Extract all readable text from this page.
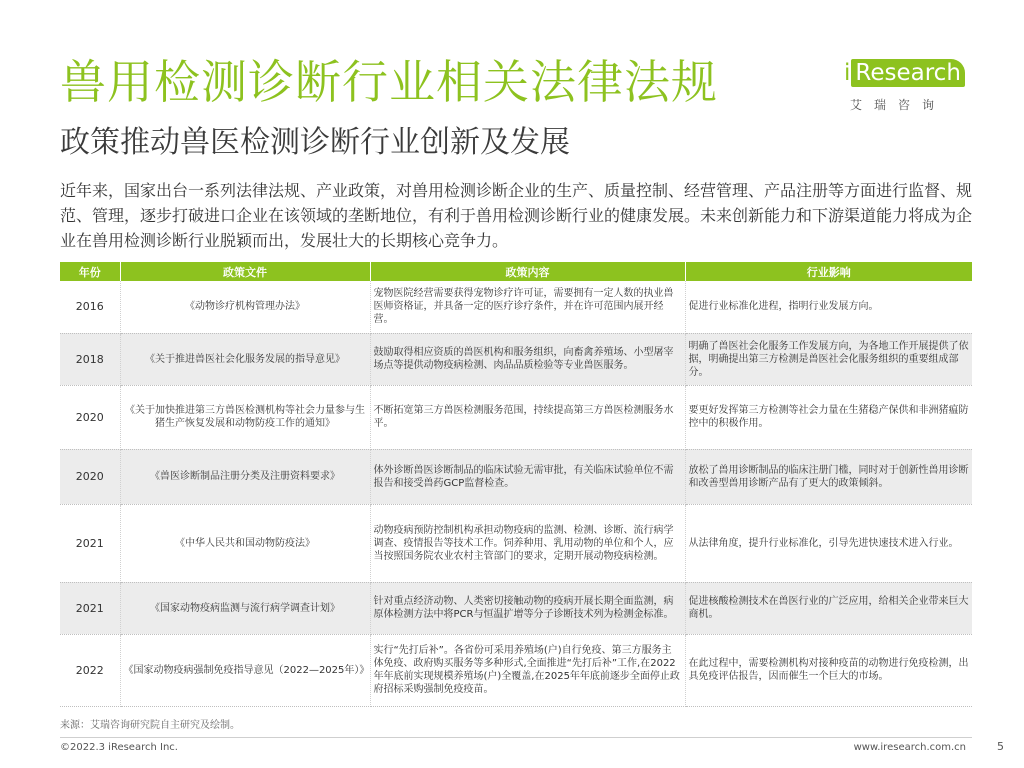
兽用检测诊断行业相关法律法规
政策推动兽医检测诊断行业创新及发展
i Research
艾瑞咨询

近年来，国家出台一系列法律法规、产业政策，对兽用检测诊断企业的生产、质量控制、经营管理、产品注册等方面进行监督、规范、管理，逐步打破进口企业在该领域的垄断地位，有利于兽用检测诊断行业的健康发展。未来创新能力和下游渠道能力将成为企业在兽用检测诊断行业脱颖而出，发展壮大的长期核心竞争力。

年份	政策文件	政策内容	行业影响
2016	《动物诊疗机构管理办法》	宠物医院经营需要获得宠物诊疗许可证，需要拥有一定人数的执业兽医师资格证，并具备一定的医疗诊疗条件，并在许可范围内展开经营。	促进行业标准化进程，指明行业发展方向。
2018	《关于推进兽医社会化服务发展的指导意见》	鼓励取得相应资质的兽医机构和服务组织，向畜禽养殖场、小型屠宰场点等提供动物疫病检测、肉品品质检验等专业兽医服务。	明确了兽医社会化服务工作发展方向，为各地工作开展提供了依据，明确提出第三方检测是兽医社会化服务组织的重要组成部分。
2020	《关于加快推进第三方兽医检测机构等社会力量参与生猪生产恢复发展和动物防疫工作的通知》	不断拓宽第三方兽医检测服务范围，持续提高第三方兽医检测服务水平。	要更好发挥第三方检测等社会力量在生猪稳产保供和非洲猪瘟防控中的积极作用。
2020	《兽医诊断制品注册分类及注册资料要求》	体外诊断兽医诊断制品的临床试验无需审批，有关临床试验单位不需报告和接受兽药GCP监督检查。	放松了兽用诊断制品的临床注册门槛，同时对于创新性兽用诊断和改善型兽用诊断产品有了更大的政策倾斜。
2021	《中华人民共和国动物防疫法》	动物疫病预防控制机构承担动物疫病的监测、检测、诊断、流行病学调查、疫情报告等技术工作。饲养种用、乳用动物的单位和个人，应当按照国务院农业农村主管部门的要求，定期开展动物疫病检测。	从法律角度，提升行业标准化，引导先进快速技术进入行业。
2021	《国家动物疫病监测与流行病学调查计划》	针对重点经济动物、人类密切接触动物的疫病开展长期全面监测，病原体检测方法中将PCR与恒温扩增等分子诊断技术列为检测金标准。	促进核酸检测技术在兽医行业的广泛应用，给相关企业带来巨大商机。
2022	《国家动物疫病强制免疫指导意见（2022—2025年）》	实行“先打后补”。各省份可采用养殖场(户)自行免疫、第三方服务主体免疫、政府购买服务等多种形式,全面推进“先打后补”工作,在2022年年底前实现规模养殖场(户)全覆盖,在2025年年底前逐步全面停止政府招标采购强制免疫疫苗。	在此过程中，需要检测机构对接种疫苗的动物进行免疫检测，出具免疫评估报告，因而催生一个巨大的市场。
来源：艾瑞咨询研究院自主研究及绘制。
©2022.3 iResearch Inc.	www.iresearch.com.cn	5
